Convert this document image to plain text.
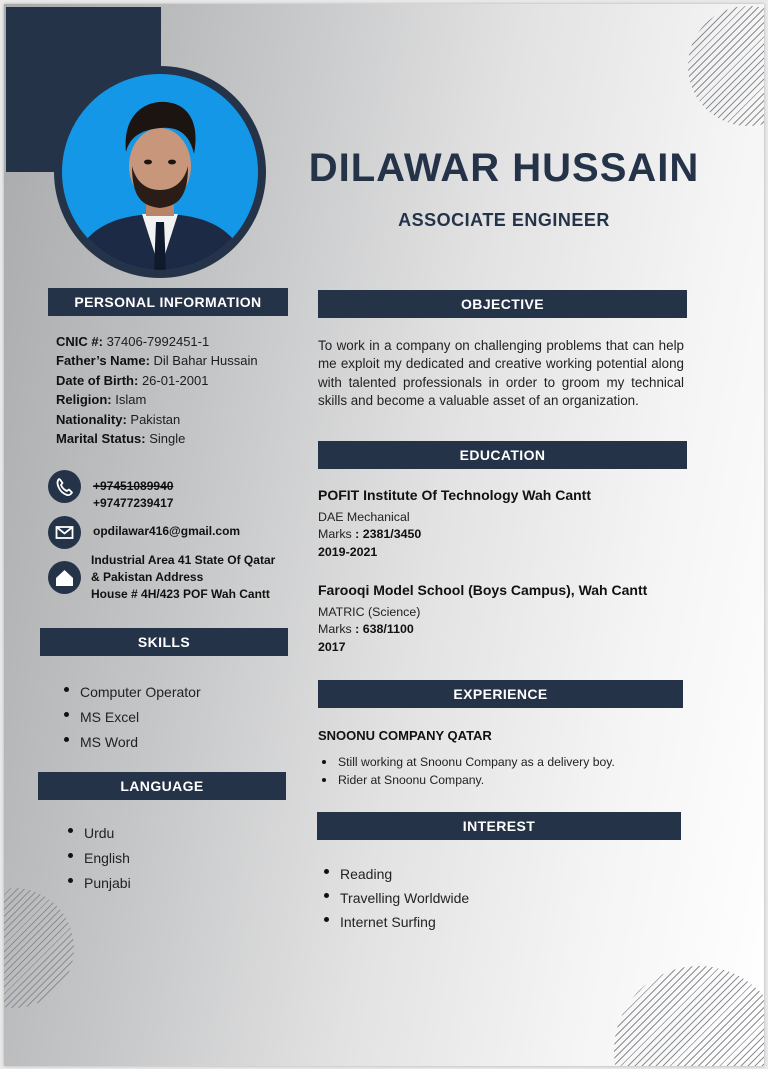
DILAWAR HUSSAIN
ASSOCIATE ENGINEER
PERSONAL INFORMATION
CNIC #: 37406-7992451-1
Father’s Name: Dil Bahar Hussain
Date of Birth: 26-01-2001
Religion: Islam
Nationality: Pakistan
Marital Status: Single
+97451089940
+97477239417
opdilawar416@gmail.com
Industrial Area 41 State Of Qatar
& Pakistan Address
House # 4H/423 POF Wah Cantt
SKILLS
Computer Operator
MS Excel
MS Word
LANGUAGE
Urdu
English
Punjabi
OBJECTIVE
To work in a company on challenging problems that can help me exploit my dedicated and creative working potential along with talented professionals in order to groom my technical skills and become a valuable asset of an organization.
EDUCATION
POFIT Institute Of Technology Wah Cantt
DAE Mechanical
Marks : 2381/3450
2019-2021
Farooqi Model School (Boys Campus), Wah Cantt
MATRIC (Science)
Marks : 638/1100
2017
EXPERIENCE
SNOONU COMPANY QATAR
Still working at Snoonu Company as a delivery boy.
Rider at Snoonu Company.
INTEREST
Reading
Travelling Worldwide
Internet Surfing
